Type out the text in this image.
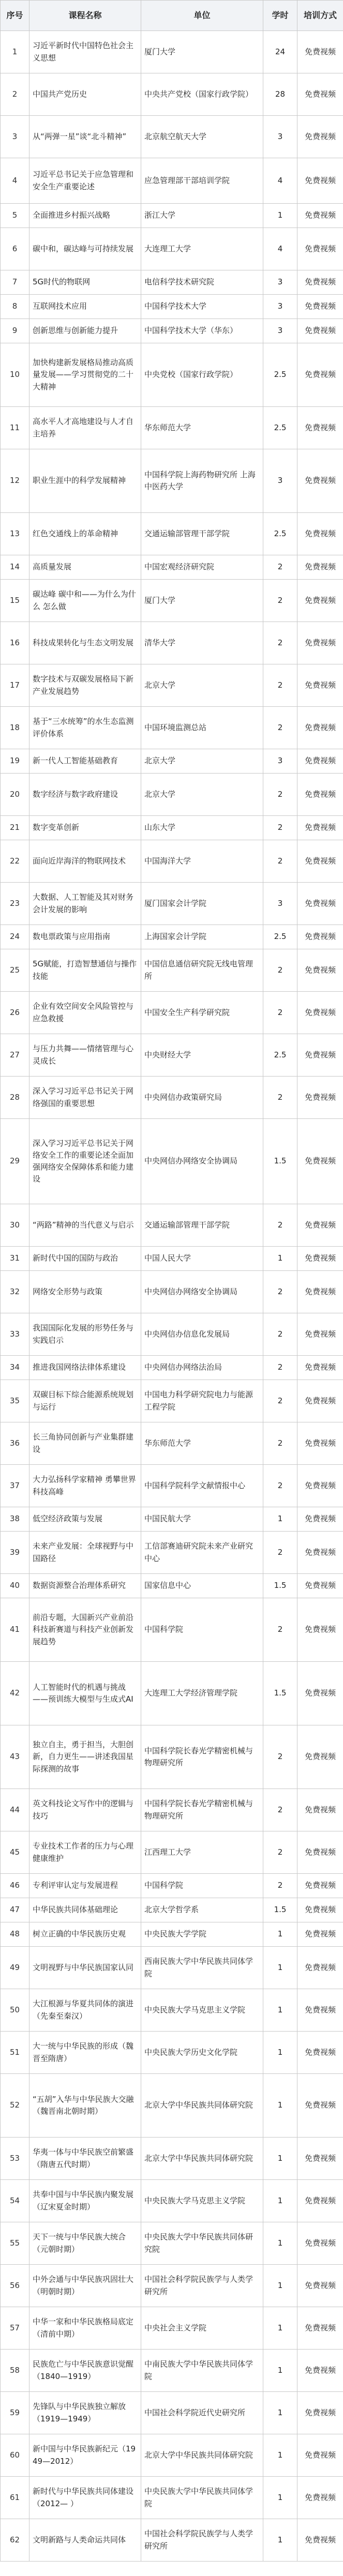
序号	课程名称	单位	学时	培训方式
1	习近平新时代中国特色社会主义思想	厦门大学	24	免费视频
2	中国共产党历史	中央共产党校（国家行政学院）	28	免费视频
3	从“两弹一星”谈“北斗精神”	北京航空航天大学	3	免费视频
4	习近平总书记关于应急管理和安全生产重要论述	应急管理部干部培训学院	4	免费视频
5	全面推进乡村振兴战略	浙江大学	1	免费视频
6	碳中和，碳达峰与可持续发展	大连理工大学	4	免费视频
7	5G时代的物联网	电信科学技术研究院	3	免费视频
8	互联网技术应用	中国科学技术大学	3	免费视频
9	创新思维与创新能力提升	中国科学技术大学（华东）	3	免费视频
10	加快构建新发展格局推动高质量发展——学习贯彻党的二十大精神	中央党校（国家行政学院）	2.5	免费视频
11	高水平人才高地建设与人才自主培养	华东师范大学	2.5	免费视频
12	职业生涯中的科学发展精神	中国科学院上海药物研究所 上海中医药大学	3	免费视频
13	红色交通线上的革命精神	交通运输部管理干部学院	2.5	免费视频
14	高质量发展	中国宏观经济研究院	2	免费视频
15	碳达峰 碳中和——为什么为什么 怎么做	厦门大学	2	免费视频
16	科技成果转化与生态文明发展	清华大学	2	免费视频
17	数字技术与双碳发展格局下新产业发展趋势	北京大学	2	免费视频
18	基于“三水统筹”的水生态监测评价体系	中国环境监测总站	2	免费视频
19	新一代人工智能基础教育	北京大学	3	免费视频
20	数字经济与数字政府建设	北京大学	2	免费视频
21	数字变革创新	山东大学	2	免费视频
22	面向近岸海洋的物联网技术	中国海洋大学	2	免费视频
23	大数据、人工智能及其对财务会计发展的影响	厦门国家会计学院	3	免费视频
24	数电票政策与应用指南	上海国家会计学院	2.5	免费视频
25	5G赋能，打造智慧通信与操作技能	中国信息通信研究院无线电管理所	2	免费视频
26	企业有效空间安全风险管控与应急救援	中国安全生产科学研究院	2	免费视频
27	与压力共舞——情绪管理与心灵成长	中央财经大学	2.5	免费视频
28	深入学习习近平总书记关于网络强国的重要思想	中央网信办政策研究局	2	免费视频
29	深入学习习近平总书记关于网络安全工作的重要论述全面加强网络安全保障体系和能力建设	中央网信办网络安全协调局	1.5	免费视频
30	“两路”精神的当代意义与启示	交通运输部管理干部学院	2	免费视频
31	新时代中国的国防与政治	中国人民大学	1	免费视频
32	网络安全形势与政策	中央网信办网络安全协调局	2	免费视频
33	我国国际化发展的形势任务与实践启示	中央网信办信息化发展局	2	免费视频
34	推进我国网络法律体系建设	中央网信办网络法治局	2	免费视频
35	双碳目标下综合能源系统规划与运行	中国电力科学研究院电力与能源工程学院	2	免费视频
36	长三角协同创新与产业集群建设	华东师范大学	2	免费视频
37	大力弘扬科学家精神 勇攀世界科技高峰	中国科学院科学文献情报中心	2	免费视频
38	低空经济政策与发展	中国民航大学	1	免费视频
39	未来产业发展：全球视野与中国路径	工信部赛迪研究院未来产业研究中心	2	免费视频
40	数据资源整合治理体系研究	国家信息中心	1.5	免费视频
41	前沿专题，大国新兴产业前沿科技新赛道与科技产业创新发展趋势	中国科学院	2	免费视频
42	人工智能时代的机遇与挑战——预训练大模型与生成式AI	大连理工大学经济管理学院	1.5	免费视频
43	独立自主，勇于担当，大胆创新，自力更生——讲述我国星际探测的故事	中国科学院长春光学精密机械与物理研究所	2	免费视频
44	英文科技论文写作中的逻辑与技巧	中国科学院长春光学精密机械与物理研究所	2	免费视频
45	专业技术工作者的压力与心理健康维护	江西理工大学	2	免费视频
46	专利评审认定与发展进程	中国科学院	2	免费视频
47	中华民族共同体基础理论	北京大学哲学系	1.5	免费视频
48	树立正确的中华民族历史观	中央民族大学学院	1	免费视频
49	文明视野与中华民族国家认同	西南民族大学中华民族共同体学院	1	免费视频
50	大江根源与华夏共同体的演进（先秦至秦汉）	中央民族大学马克思主义学院	1	免费视频
51	大一统与中华民族的形成（魏晋至隋唐）	中央民族大学历史文化学院	1	免费视频
52	“五胡”入华与中华民族大交融（魏晋南北朝时期）	北京大学中华民族共同体研究院	1	免费视频
53	华夷一体与中华民族空前繁盛（隋唐五代时期）	北京大学中华民族共同体研究院	1	免费视频
54	共奉中国与中华民族内聚发展（辽宋夏金时期）	中央民族大学马克思主义学院	1	免费视频
55	天下一统与中华民族大统合（元朝时期）	中央民族大学中华民族共同体研究院	1	免费视频
56	中外会通与中华民族巩固壮大（明朝时期）	中国社会科学院民族学与人类学研究所	1	免费视频
57	中华一家和中华民族格局底定（清前中期）	中央社会主义学院	1	免费视频
58	民族危亡与中华民族意识觉醒（1840—1919）	中南民族大学中华民族共同体学院	1	免费视频
59	先锋队与中华民族独立解放（1919—1949）	中国社会科学院近代史研究所	1	免费视频
60	新中国与中华民族新纪元（1949—2012）	北京大学中华民族共同体研究院	1	免费视频
61	新时代与中华民族共同体建设（2012— ）	中央民族大学中华民族共同体学院	1	免费视频
62	文明新路与人类命运共同体	中国社会科学院民族学与人类学研究所	1	免费视频
